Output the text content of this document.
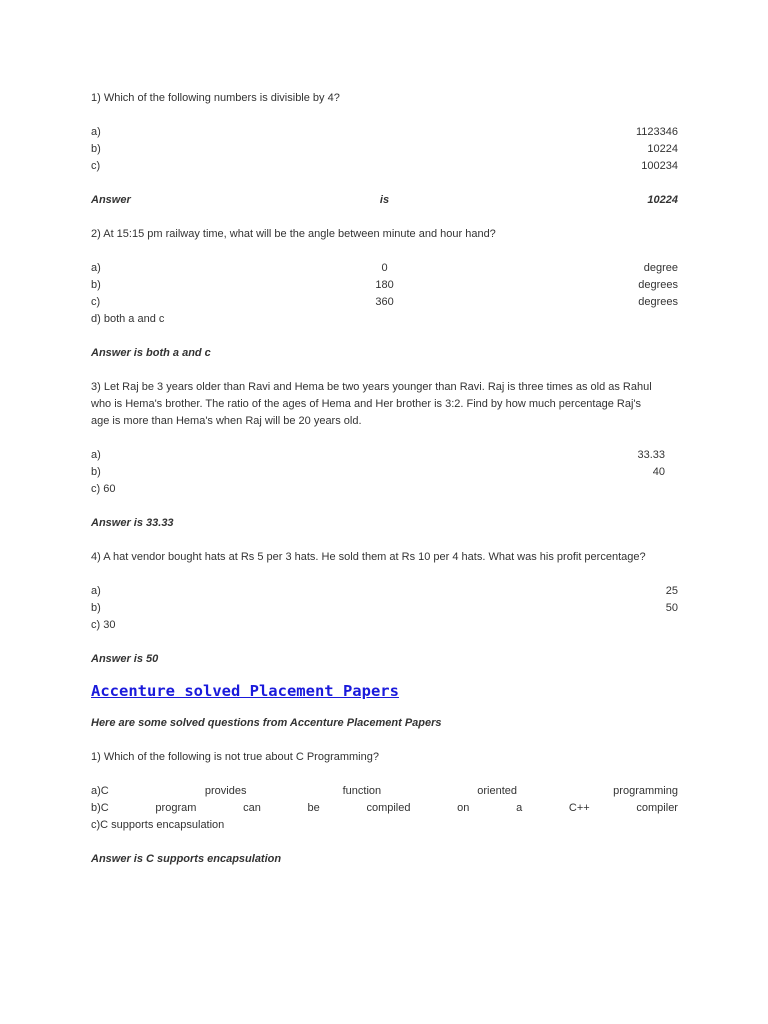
1) Which of the following numbers is divisible by 4?
a)	1123346
b)	10224
c)	100234
Answer	is	10224
2) At 15:15 pm railway time, what will be the angle between minute and hour hand?
a)	0	degree
b)	180	degrees
c)	360	degrees
d) both a and c
Answer is both a and c
3) Let Raj be 3 years older than Ravi and Hema be two years younger than Ravi. Raj is three times as old as Rahul
who is Hema's brother. The ratio of the ages of Hema and Her brother is 3:2. Find by how much percentage Raj's
age is more than Hema's when Raj will be 20 years old.
a)	33.33
b)	40
c) 60
Answer is 33.33
4) A hat vendor bought hats at Rs 5 per 3 hats. He sold them at Rs 10 per 4 hats. What was his profit percentage?
a)	25
b)	50
c) 30
Answer is 50
Accenture solved Placement Papers
Here are some solved questions from Accenture Placement Papers
1) Which of the following is not true about C Programming?
a)C	provides	function	oriented	programming
b)C	program	can	be	compiled	on	a	C++	compiler
c)C supports encapsulation
Answer is C supports encapsulation
